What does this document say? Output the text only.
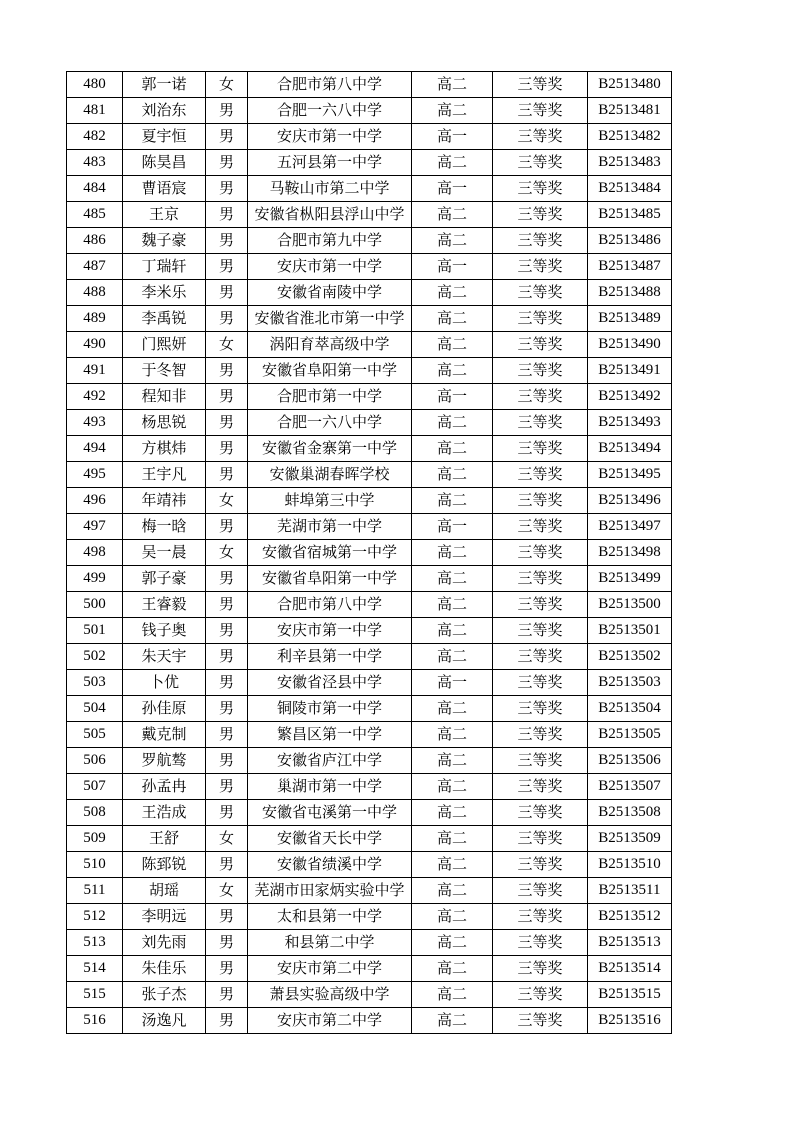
480	郭一诺	女	合肥市第八中学	高二	三等奖	B2513480
481	刘治东	男	合肥一六八中学	高二	三等奖	B2513481
482	夏宇恒	男	安庆市第一中学	高一	三等奖	B2513482
483	陈昊昌	男	五河县第一中学	高二	三等奖	B2513483
484	曹语宸	男	马鞍山市第二中学	高一	三等奖	B2513484
485	王京	男	安徽省枞阳县浮山中学	高二	三等奖	B2513485
486	魏子豪	男	合肥市第九中学	高二	三等奖	B2513486
487	丁瑞轩	男	安庆市第一中学	高一	三等奖	B2513487
488	李米乐	男	安徽省南陵中学	高二	三等奖	B2513488
489	李禹锐	男	安徽省淮北市第一中学	高二	三等奖	B2513489
490	门熙妍	女	涡阳育萃高级中学	高二	三等奖	B2513490
491	于冬智	男	安徽省阜阳第一中学	高二	三等奖	B2513491
492	程知非	男	合肥市第一中学	高一	三等奖	B2513492
493	杨思锐	男	合肥一六八中学	高二	三等奖	B2513493
494	方棋炜	男	安徽省金寨第一中学	高二	三等奖	B2513494
495	王宇凡	男	安徽巢湖春晖学校	高二	三等奖	B2513495
496	年靖祎	女	蚌埠第三中学	高二	三等奖	B2513496
497	梅一晗	男	芜湖市第一中学	高一	三等奖	B2513497
498	吴一晨	女	安徽省宿城第一中学	高二	三等奖	B2513498
499	郭子豪	男	安徽省阜阳第一中学	高二	三等奖	B2513499
500	王睿毅	男	合肥市第八中学	高二	三等奖	B2513500
501	钱子奥	男	安庆市第一中学	高二	三等奖	B2513501
502	朱天宇	男	利辛县第一中学	高二	三等奖	B2513502
503	卜优	男	安徽省泾县中学	高一	三等奖	B2513503
504	孙佳原	男	铜陵市第一中学	高二	三等奖	B2513504
505	戴克制	男	繁昌区第一中学	高二	三等奖	B2513505
506	罗航骜	男	安徽省庐江中学	高二	三等奖	B2513506
507	孙孟冉	男	巢湖市第一中学	高二	三等奖	B2513507
508	王浩成	男	安徽省屯溪第一中学	高二	三等奖	B2513508
509	王舒	女	安徽省天长中学	高二	三等奖	B2513509
510	陈郅锐	男	安徽省绩溪中学	高二	三等奖	B2513510
511	胡瑶	女	芜湖市田家炳实验中学	高二	三等奖	B2513511
512	李明远	男	太和县第一中学	高二	三等奖	B2513512
513	刘先雨	男	和县第二中学	高二	三等奖	B2513513
514	朱佳乐	男	安庆市第二中学	高二	三等奖	B2513514
515	张子杰	男	萧县实验高级中学	高二	三等奖	B2513515
516	汤逸凡	男	安庆市第二中学	高二	三等奖	B2513516
